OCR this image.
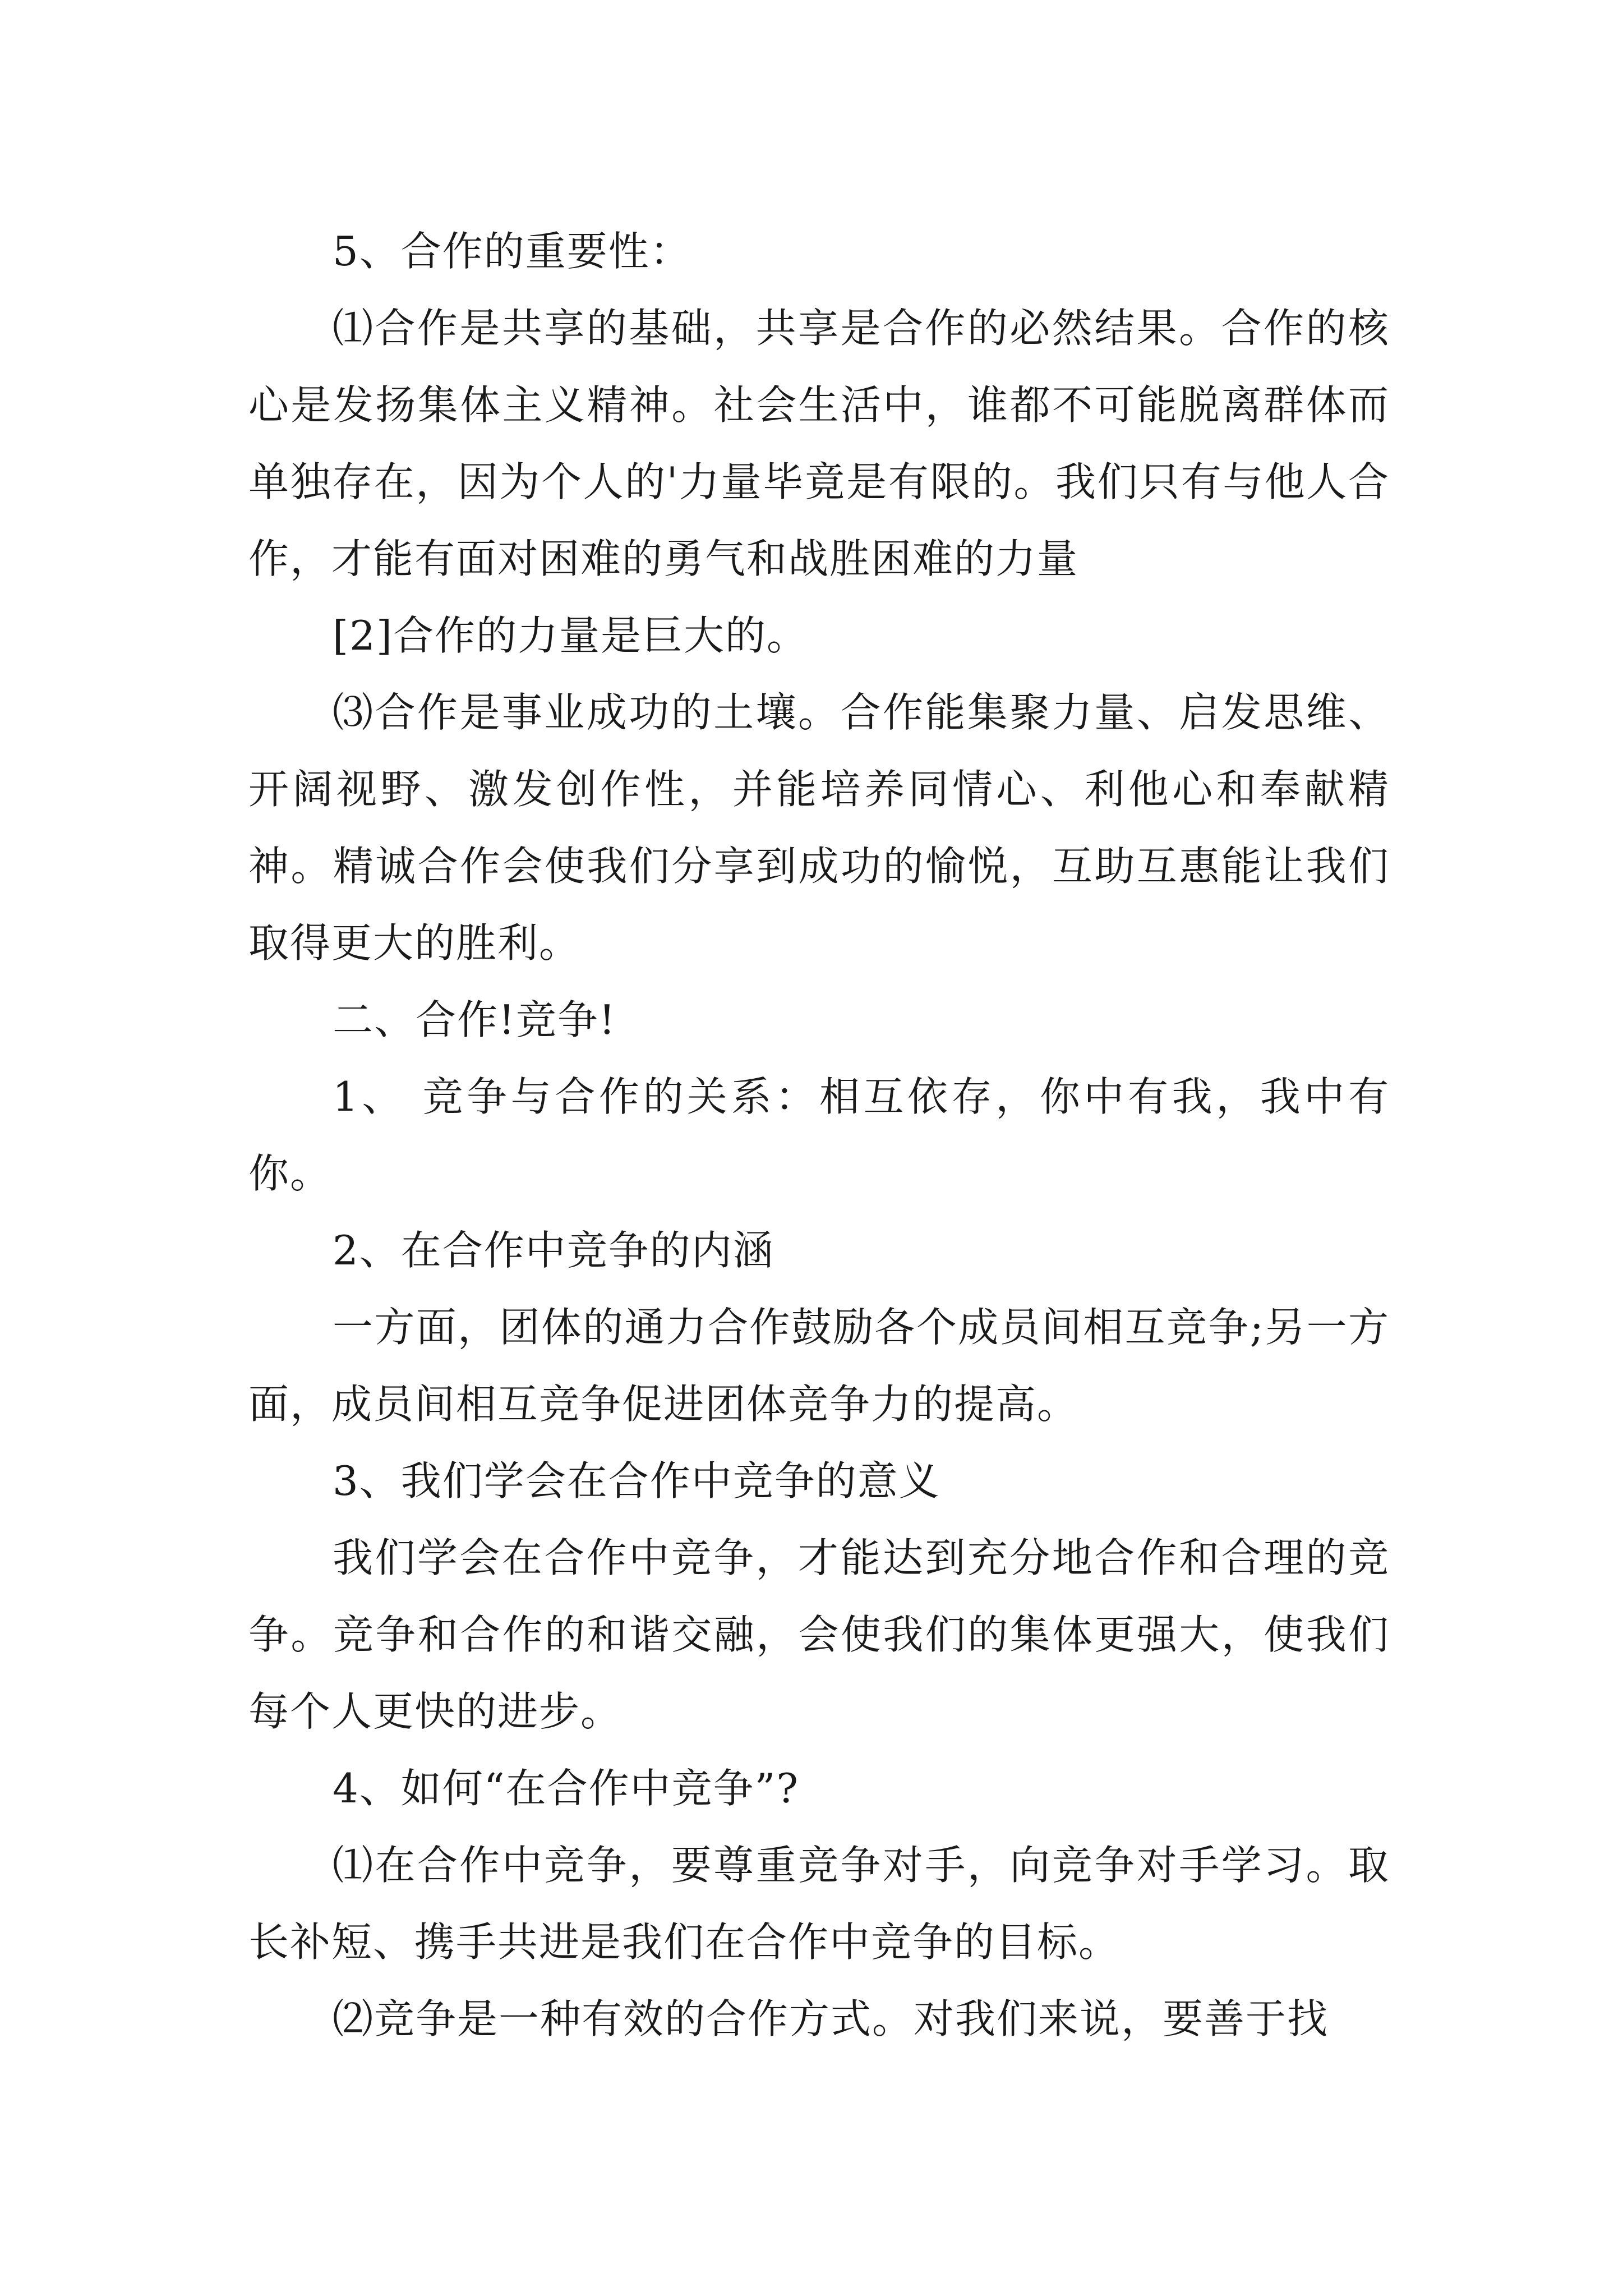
5、合作的重要性：

⑴合作是共享的基础，共享是合作的必然结果。合作的核心是发扬集体主义精神。社会生活中，谁都不可能脱离群体而单独存在，因为个人的'力量毕竟是有限的。我们只有与他人合作，才能有面对困难的勇气和战胜困难的力量

[2]合作的力量是巨大的。

⑶合作是事业成功的土壤。合作能集聚力量、启发思维、开阔视野、激发创作性，并能培养同情心、利他心和奉献精神。精诚合作会使我们分享到成功的愉悦，互助互惠能让我们取得更大的胜利。

二、合作!竞争!

1、 竞争与合作的关系：相互依存，你中有我，我中有你。

2、在合作中竞争的内涵

一方面，团体的通力合作鼓励各个成员间相互竞争;另一方面，成员间相互竞争促进团体竞争力的提高。

3、我们学会在合作中竞争的意义

我们学会在合作中竞争，才能达到充分地合作和合理的竞争。竞争和合作的和谐交融，会使我们的集体更强大，使我们每个人更快的进步。

4、如何“在合作中竞争”?

⑴在合作中竞争，要尊重竞争对手，向竞争对手学习。取长补短、携手共进是我们在合作中竞争的目标。

⑵竞争是一种有效的合作方式。对我们来说，要善于找
